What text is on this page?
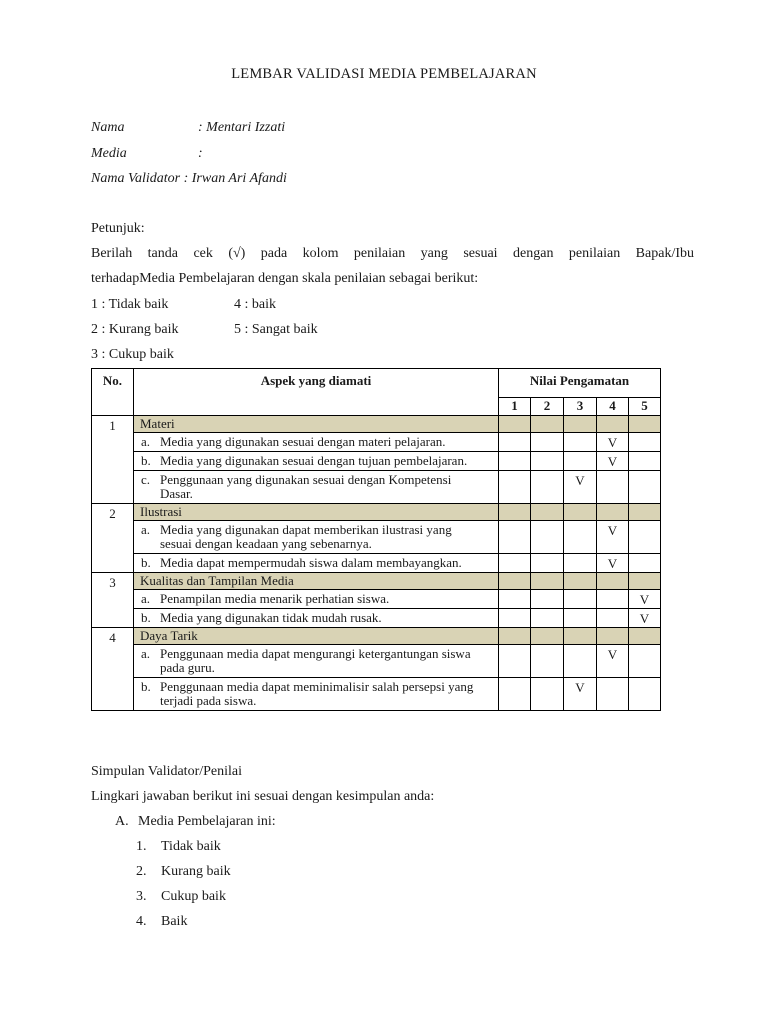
LEMBAR VALIDASI MEDIA PEMBELAJARAN
Nama	: Mentari Izzati
Media	:
Nama Validator : Irwan Ari Afandi
Petunjuk:
Berilah tanda cek (√) pada kolom penilaian yang sesuai dengan penilaian Bapak/Ibu
terhadapMedia Pembelajaran dengan skala penilaian sebagai berikut:
1 : Tidak baik	4 : baik
2 : Kurang baik	5 : Sangat baik
3 : Cukup baik
No.	Aspek yang diamati	Nilai Pengamatan				
		1	2	3	4	5
1	Materi					
	a. Media yang digunakan sesuai dengan materi pelajaran.				V	
	b. Media yang digunakan sesuai dengan tujuan pembelajaran.				V	
	c. Penggunaan yang digunakan sesuai dengan Kompetensi Dasar.			V		
2	Ilustrasi					
	a. Media yang digunakan dapat memberikan ilustrasi yang sesuai dengan keadaan yang sebenarnya.				V	
	b. Media dapat mempermudah siswa dalam membayangkan.				V	
3	Kualitas dan Tampilan Media					
	a. Penampilan media menarik perhatian siswa.					V
	b. Media yang digunakan tidak mudah rusak.					V
4	Daya Tarik					
	a. Penggunaan media dapat mengurangi ketergantungan siswa pada guru.				V	
	b. Penggunaan media dapat meminimalisir salah persepsi yang terjadi pada siswa.			V		
Simpulan Validator/Penilai
Lingkari jawaban berikut ini sesuai dengan kesimpulan anda:
A. Media Pembelajaran ini:
1. Tidak baik
2. Kurang baik
3. Cukup baik
4. Baik
